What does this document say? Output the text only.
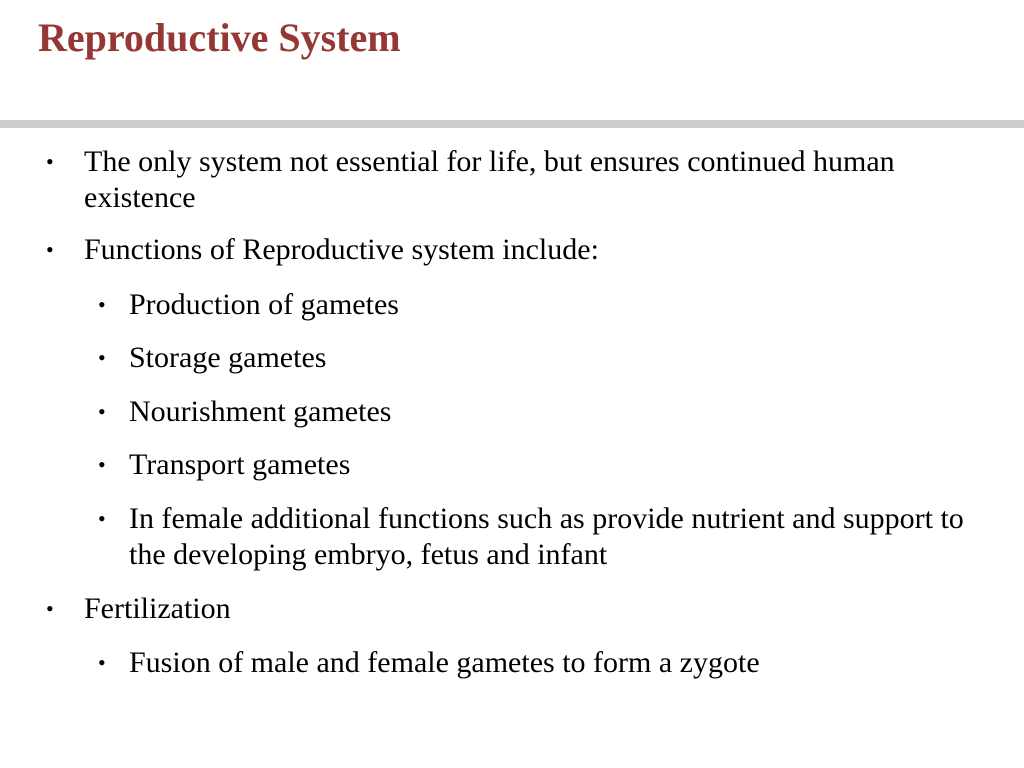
Reproductive System
• The only system not essential for life, but ensures continued human existence
• Functions of Reproductive system include:
• Production of gametes
• Storage gametes
• Nourishment gametes
• Transport gametes
• In female additional functions such as provide nutrient and support to the developing embryo, fetus and infant
• Fertilization
• Fusion of male and female gametes to form a zygote
